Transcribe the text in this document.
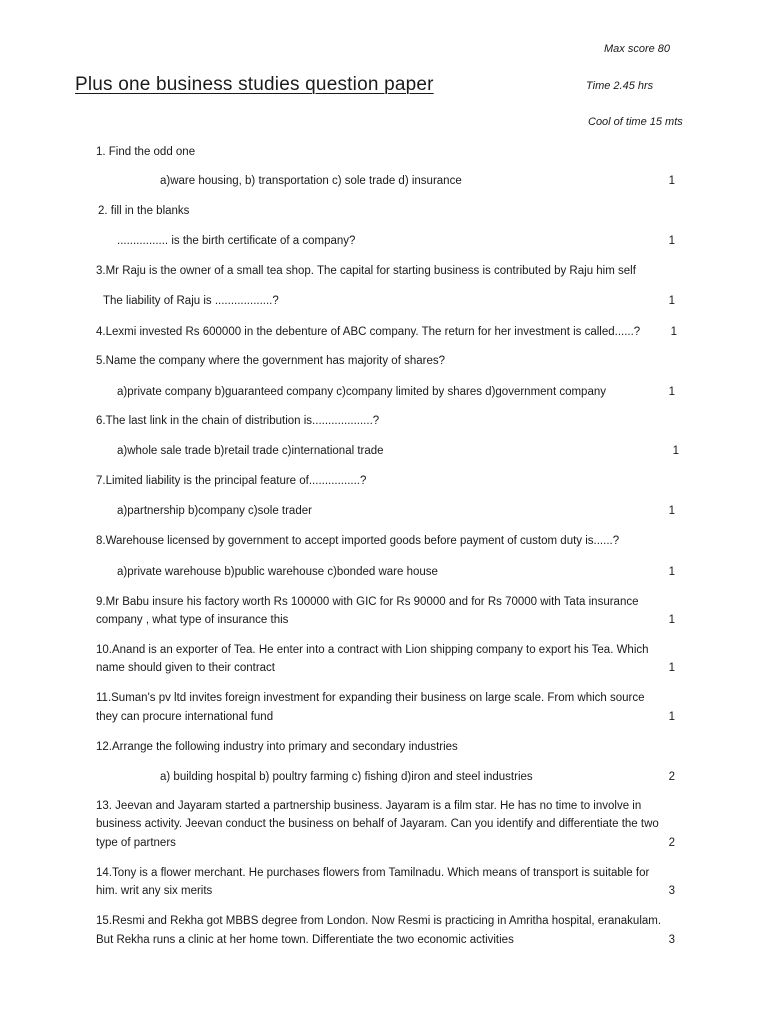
Max score 80
Plus one business studies question paper	Time 2.45 hrs
Cool of time 15 mts
1. Find the odd one
a)ware housing, b) transportation c) sole trade d) insurance	1
2. fill in the blanks
................ is the birth certificate of a company?	1
3.Mr Raju is the owner of a small tea shop. The capital for starting business is contributed by Raju him self
The liability of Raju is ..................?	1
4.Lexmi invested Rs 600000 in the debenture of ABC company. The return for her investment is called......?	1
5.Name the company where the government has majority of shares?
a)private company b)guaranteed company c)company limited by shares d)government company	1
6.The last link in the chain of distribution is...................?
a)whole sale trade b)retail trade c)international trade	1
7.Limited liability is the principal feature of................?
a)partnership b)company c)sole trader	1
8.Warehouse licensed by government to accept imported goods before payment of custom duty is......?
a)private warehouse b)public warehouse c)bonded ware house	1
9.Mr Babu insure his factory worth Rs 100000 with GIC for Rs 90000 and for Rs 70000 with Tata insurance
company , what type of insurance this	1
10.Anand is an exporter of Tea. He enter into a contract with Lion shipping company to export his Tea. Which
name should given to their contract	1
11.Suman's pv ltd invites foreign investment for expanding their business on large scale. From which source
they can procure international fund	1
12.Arrange the following industry into primary and secondary industries
a) building hospital b) poultry farming c) fishing d)iron and steel industries	2
13. Jeevan and Jayaram started a partnership business. Jayaram is a film star. He has no time to involve in
business activity. Jeevan conduct the business on behalf of Jayaram. Can you identify and differentiate the two
type of partners	2
14.Tony is a flower merchant. He purchases flowers from Tamilnadu. Which means of transport is suitable for
him. writ any six merits	3
15.Resmi and Rekha got MBBS degree from London. Now Resmi is practicing in Amritha hospital, eranakulam.
But Rekha runs a clinic at her home town. Differentiate the two economic activities	3
